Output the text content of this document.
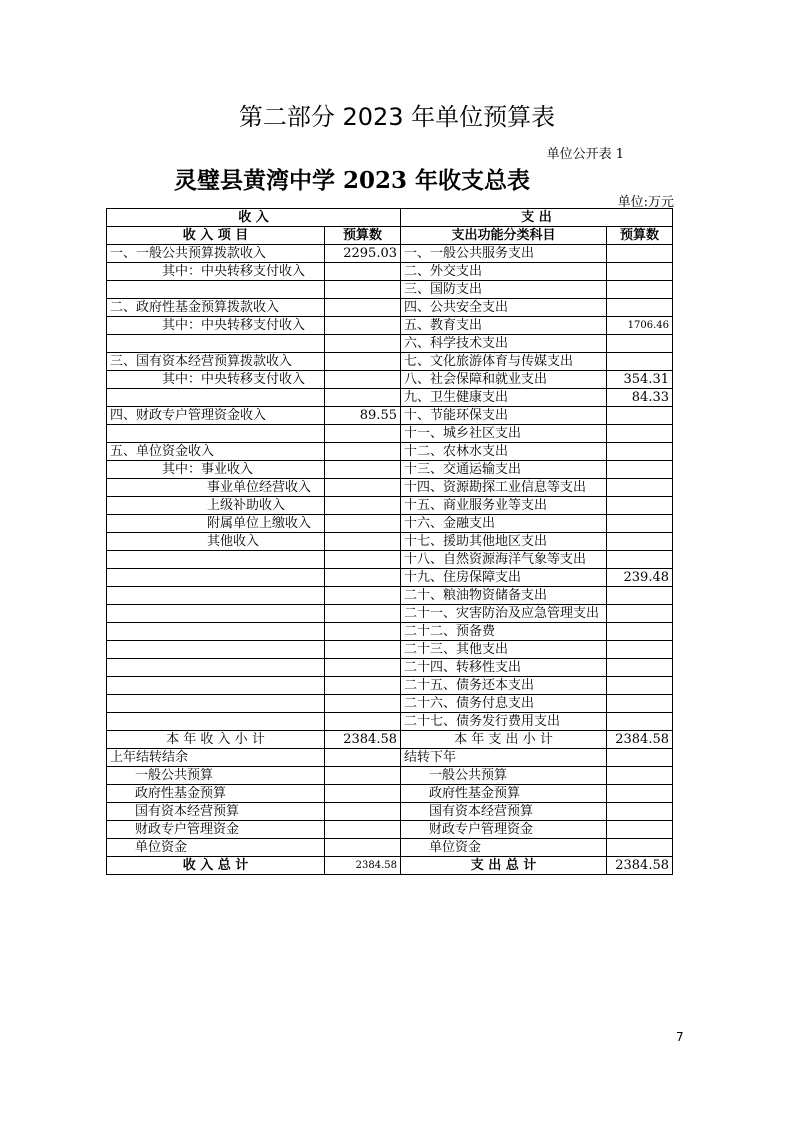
第二部分 2023 年单位预算表
单位公开表 1
灵璧县黄湾中学 2023 年收支总表
单位:万元
收 入		支 出	
收 入 项 目	预算数	支出功能分类科目	预算数
一、一般公共预算拨款收入	2295.03	一、一般公共服务支出	
其中：中央转移支付收入		二、外交支出	
		三、国防支出	
二、政府性基金预算拨款收入		四、公共安全支出	
其中：中央转移支付收入		五、教育支出	1706.46
		六、科学技术支出	
三、国有资本经营预算拨款收入		七、文化旅游体育与传媒支出	
其中：中央转移支付收入		八、社会保障和就业支出	354.31
		九、卫生健康支出	84.33
四、财政专户管理资金收入	89.55	十、节能环保支出	
		十一、城乡社区支出	
五、单位资金收入		十二、农林水支出	
其中：事业收入		十三、交通运输支出	
事业单位经营收入		十四、资源勘探工业信息等支出	
上级补助收入		十五、商业服务业等支出	
附属单位上缴收入		十六、金融支出	
其他收入		十七、援助其他地区支出	
		十八、自然资源海洋气象等支出	
		十九、住房保障支出	239.48
		二十、粮油物资储备支出	
		二十一、灾害防治及应急管理支出	
		二十二、预备费	
		二十三、其他支出	
		二十四、转移性支出	
		二十五、债务还本支出	
		二十六、债务付息支出	
		二十七、债务发行费用支出	
本 年 收 入 小 计	2384.58	本 年 支 出 小 计	2384.58
上年结转结余		结转下年	
一般公共预算		一般公共预算	
政府性基金预算		政府性基金预算	
国有资本经营预算		国有资本经营预算	
财政专户管理资金		财政专户管理资金	
单位资金		单位资金	
收 入 总 计	2384.58	支 出 总 计	2384.58
7
